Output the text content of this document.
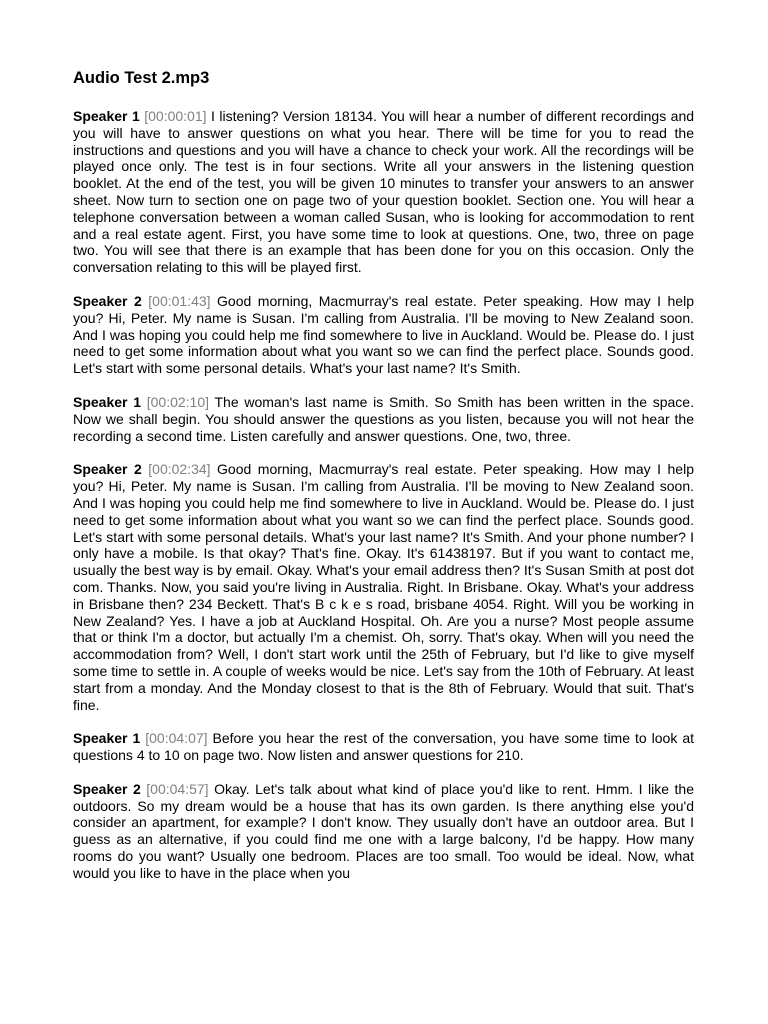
Audio Test 2.mp3

Speaker 1 [00:00:01] I listening? Version 18134. You will hear a number of different recordings and you will have to answer questions on what you hear. There will be time for you to read the instructions and questions and you will have a chance to check your work. All the recordings will be played once only. The test is in four sections. Write all your answers in the listening question booklet. At the end of the test, you will be given 10 minutes to transfer your answers to an answer sheet. Now turn to section one on page two of your question booklet. Section one. You will hear a telephone conversation between a woman called Susan, who is looking for accommodation to rent and a real estate agent. First, you have some time to look at questions. One, two, three on page two. You will see that there is an example that has been done for you on this occasion. Only the conversation relating to this will be played first.

Speaker 2 [00:01:43] Good morning, Macmurray's real estate. Peter speaking. How may I help you? Hi, Peter. My name is Susan. I'm calling from Australia. I'll be moving to New Zealand soon. And I was hoping you could help me find somewhere to live in Auckland. Would be. Please do. I just need to get some information about what you want so we can find the perfect place. Sounds good. Let's start with some personal details. What's your last name? It's Smith.

Speaker 1 [00:02:10] The woman's last name is Smith. So Smith has been written in the space. Now we shall begin. You should answer the questions as you listen, because you will not hear the recording a second time. Listen carefully and answer questions. One, two, three.

Speaker 2 [00:02:34] Good morning, Macmurray's real estate. Peter speaking. How may I help you? Hi, Peter. My name is Susan. I'm calling from Australia. I'll be moving to New Zealand soon. And I was hoping you could help me find somewhere to live in Auckland. Would be. Please do. I just need to get some information about what you want so we can find the perfect place. Sounds good. Let's start with some personal details. What's your last name? It's Smith. And your phone number? I only have a mobile. Is that okay? That's fine. Okay. It's 61438197. But if you want to contact me, usually the best way is by email. Okay. What's your email address then? It's Susan Smith at post dot com. Thanks. Now, you said you're living in Australia. Right. In Brisbane. Okay. What's your address in Brisbane then? 234 Beckett. That's B c k e s road, brisbane 4054. Right. Will you be working in New Zealand? Yes. I have a job at Auckland Hospital. Oh. Are you a nurse? Most people assume that or think I'm a doctor, but actually I'm a chemist. Oh, sorry. That's okay. When will you need the accommodation from? Well, I don't start work until the 25th of February, but I'd like to give myself some time to settle in. A couple of weeks would be nice. Let's say from the 10th of February. At least start from a monday. And the Monday closest to that is the 8th of February. Would that suit. That's fine.

Speaker 1 [00:04:07] Before you hear the rest of the conversation, you have some time to look at questions 4 to 10 on page two. Now listen and answer questions for 210.

Speaker 2 [00:04:57] Okay. Let's talk about what kind of place you'd like to rent. Hmm. I like the outdoors. So my dream would be a house that has its own garden. Is there anything else you'd consider an apartment, for example? I don't know. They usually don't have an outdoor area. But I guess as an alternative, if you could find me one with a large balcony, I'd be happy. How many rooms do you want? Usually one bedroom. Places are too small. Too would be ideal. Now, what would you like to have in the place when you
